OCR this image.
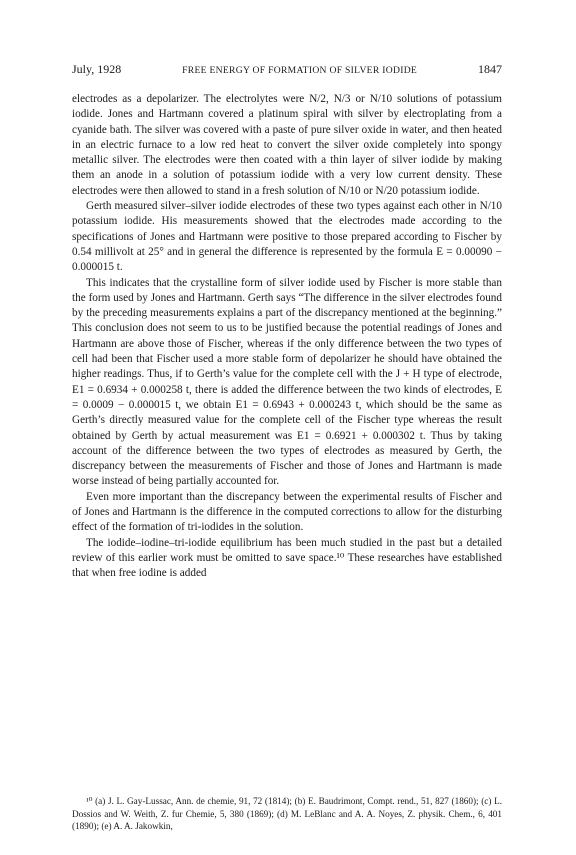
July, 1928	FREE ENERGY OF FORMATION OF SILVER IODIDE	1847

electrodes as a depolarizer. The electrolytes were N/2, N/3 or N/10 solutions of potassium iodide. Jones and Hartmann covered a platinum spiral with silver by electroplating from a cyanide bath. The silver was covered with a paste of pure silver oxide in water, and then heated in an electric furnace to a low red heat to convert the silver oxide completely into spongy metallic silver. The electrodes were then coated with a thin layer of silver iodide by making them an anode in a solution of potassium iodide with a very low current density. These electrodes were then allowed to stand in a fresh solution of N/10 or N/20 potassium iodide.

Gerth measured silver–silver iodide electrodes of these two types against each other in N/10 potassium iodide. His measurements showed that the electrodes made according to the specifications of Jones and Hartmann were positive to those prepared according to Fischer by 0.54 millivolt at 25° and in general the difference is represented by the formula E = 0.00090 − 0.000015 t.

This indicates that the crystalline form of silver iodide used by Fischer is more stable than the form used by Jones and Hartmann. Gerth says “The difference in the silver electrodes found by the preceding measurements explains a part of the discrepancy mentioned at the beginning.” This conclusion does not seem to us to be justified because the potential readings of Jones and Hartmann are above those of Fischer, whereas if the only difference between the two types of cell had been that Fischer used a more stable form of depolarizer he should have obtained the higher readings. Thus, if to Gerth’s value for the complete cell with the J + H type of electrode, E1 = 0.6934 + 0.000258 t, there is added the difference between the two kinds of electrodes, E = 0.0009 − 0.000015 t, we obtain E1 = 0.6943 + 0.000243 t, which should be the same as Gerth’s directly measured value for the complete cell of the Fischer type whereas the result obtained by Gerth by actual measurement was E1 = 0.6921 + 0.000302 t. Thus by taking account of the difference between the two types of electrodes as measured by Gerth, the discrepancy between the measurements of Fischer and those of Jones and Hartmann is made worse instead of being partially accounted for.

Even more important than the discrepancy between the experimental results of Fischer and of Jones and Hartmann is the difference in the computed corrections to allow for the disturbing effect of the formation of tri-iodides in the solution.

The iodide–iodine–tri-iodide equilibrium has been much studied in the past but a detailed review of this earlier work must be omitted to save space.¹⁰ These researches have established that when free iodine is added

¹⁰ (a) J. L. Gay-Lussac, Ann. de chemie, 91, 72 (1814); (b) E. Baudrimont, Compt. rend., 51, 827 (1860); (c) L. Dossios and W. Weith, Z. fur Chemie, 5, 380 (1869); (d) M. LeBlanc and A. A. Noyes, Z. physik. Chem., 6, 401 (1890); (e) A. A. Jakowkin,
